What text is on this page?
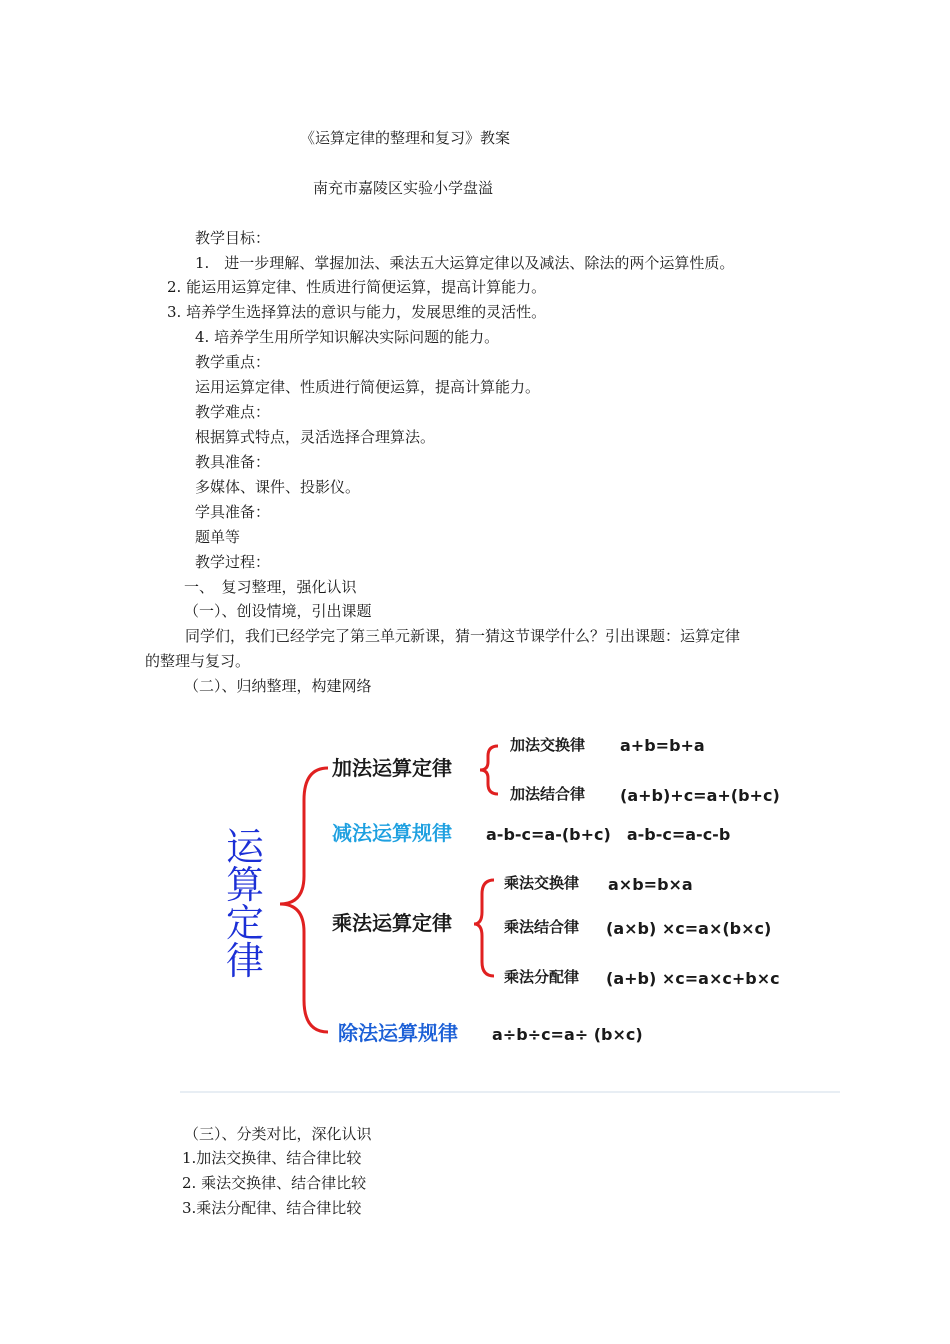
《运算定律的整理和复习》教案
南充市嘉陵区实验小学盘溢
教学目标：
1.　进一步理解、掌握加法、乘法五大运算定律以及减法、除法的两个运算性质。
2. 能运用运算定律、性质进行简便运算，提高计算能力。
3. 培养学生选择算法的意识与能力，发展思维的灵活性。
4. 培养学生用所学知识解决实际问题的能力。
教学重点：
运用运算定律、性质进行简便运算，提高计算能力。
教学难点：
根据算式特点，灵活选择合理算法。
教具准备：
多媒体、课件、投影仪。
学具准备：
题单等
教学过程：
一、　复习整理，强化认识
（一）、创设情境，引出课题
同学们，我们已经学完了第三单元新课，猜一猜这节课学什么？引出课题：运算定律
的整理与复习。
（二）、归纳整理，构建网络
运
算
定
律
加法运算定律
加法交换律 a+b=b+a
加法结合律 (a+b)+c=a+(b+c)
减法运算规律 a-b-c=a-(b+c)　a-b-c=a-c-b
乘法运算定律
乘法交换律 a×b=b×a
乘法结合律 (a×b) ×c=a×(b×c)
乘法分配律 (a+b) ×c=a×c+b×c
除法运算规律 a÷b÷c=a÷ (b×c)
（三）、分类对比，深化认识
1.加法交换律、结合律比较
2. 乘法交换律、结合律比较
3.乘法分配律、结合律比较
